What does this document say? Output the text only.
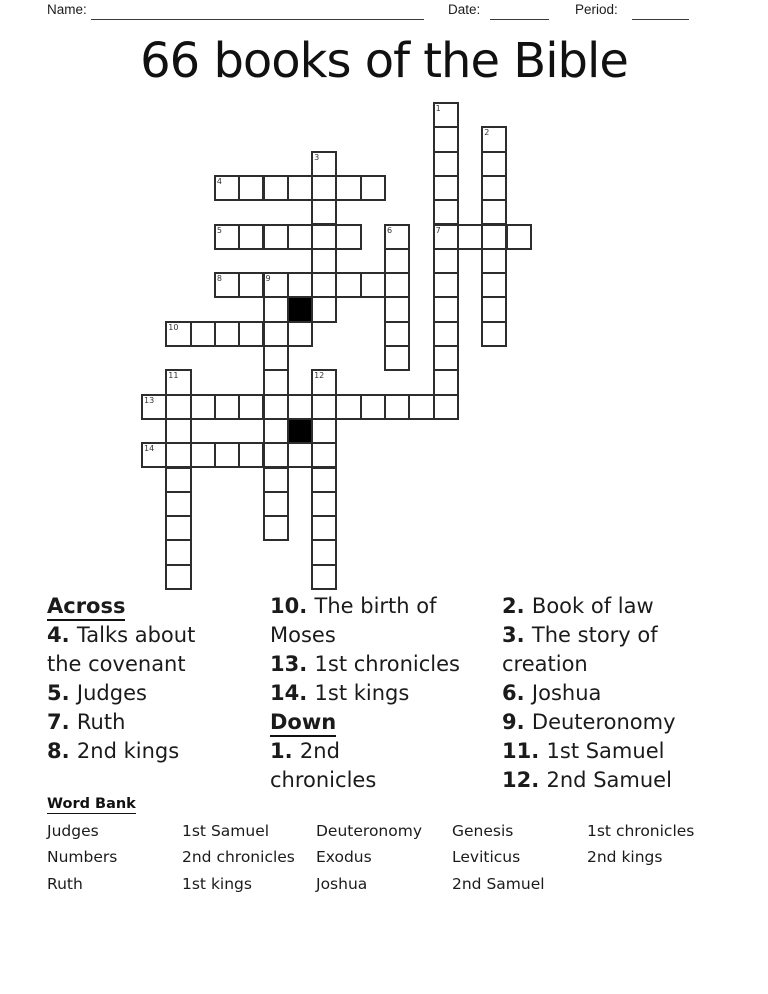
Name:	Date:	Period:
66 books of the Bible
1
7
2
3
4
5	6
8	9
10
11	12
13
14
Across
4. Talks about
the covenant
5. Judges
7. Ruth
8. 2nd kings
10. The birth of
Moses
13. 1st chronicles
14. 1st kings
Down
1. 2nd
chronicles
2. Book of law
3. The story of
creation
6. Joshua
9. Deuteronomy
11. 1st Samuel
12. 2nd Samuel
Word Bank
Judges
Numbers
Ruth
1st Samuel
2nd chronicles
1st kings
Deuteronomy
Exodus
Joshua
Genesis
Leviticus
2nd Samuel
1st chronicles
2nd kings
